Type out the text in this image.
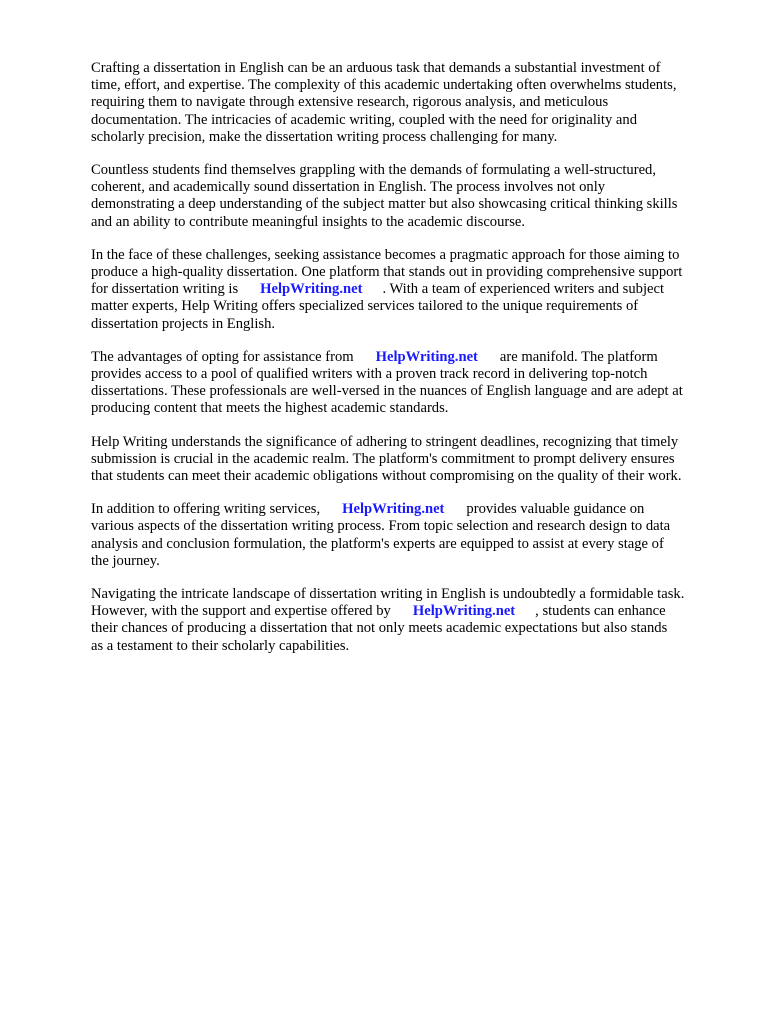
Crafting a dissertation in English can be an arduous task that demands a substantial investment of
time, effort, and expertise. The complexity of this academic undertaking often overwhelms students,
requiring them to navigate through extensive research, rigorous analysis, and meticulous
documentation. The intricacies of academic writing, coupled with the need for originality and
scholarly precision, make the dissertation writing process challenging for many.

Countless students find themselves grappling with the demands of formulating a well-structured,
coherent, and academically sound dissertation in English. The process involves not only
demonstrating a deep understanding of the subject matter but also showcasing critical thinking skills
and an ability to contribute meaningful insights to the academic discourse.

In the face of these challenges, seeking assistance becomes a pragmatic approach for those aiming to
produce a high-quality dissertation. One platform that stands out in providing comprehensive support
for dissertation writing is HelpWriting.net . With a team of experienced writers and subject
matter experts, Help Writing offers specialized services tailored to the unique requirements of
dissertation projects in English.

The advantages of opting for assistance from HelpWriting.net are manifold. The platform
provides access to a pool of qualified writers with a proven track record in delivering top-notch
dissertations. These professionals are well-versed in the nuances of English language and are adept at
producing content that meets the highest academic standards.

Help Writing understands the significance of adhering to stringent deadlines, recognizing that timely
submission is crucial in the academic realm. The platform's commitment to prompt delivery ensures
that students can meet their academic obligations without compromising on the quality of their work.

In addition to offering writing services, HelpWriting.net provides valuable guidance on
various aspects of the dissertation writing process. From topic selection and research design to data
analysis and conclusion formulation, the platform's experts are equipped to assist at every stage of
the journey.

Navigating the intricate landscape of dissertation writing in English is undoubtedly a formidable task.
However, with the support and expertise offered by HelpWriting.net , students can enhance
their chances of producing a dissertation that not only meets academic expectations but also stands
as a testament to their scholarly capabilities.
